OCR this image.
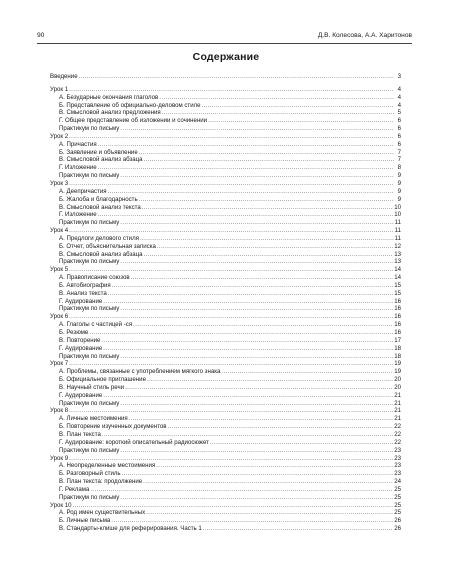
90	Д.В. Колесова, А.А. Харитонов
Содержание
Введение .....	3
Урок 1 .....	4
А. Безударные окончания глаголов .....	4
Б. Представление об официально-деловом стиле .....	4
В. Смысловой анализ предложения .....	5
Г. Общее представление об изложении и сочинении .....	6
Практикум по письму .....	6
Урок 2 .....	6
А. Причастия .....	6
Б. Заявление и объявление .....	7
В. Смысловой анализ абзаца .....	7
Г. Изложение .....	8
Практикум по письму .....	9
Урок 3 .....	9
А. Деепричастия .....	9
Б. Жалоба и благодарность .....	9
В. Смысловой анализ текста .....	10
Г. Изложение .....	10
Практикум по письму .....	11
Урок 4 .....	11
А. Предлоги делового стиля .....	11
Б. Отчет, объяснительная записка .....	12
В. Смысловой анализ абзаца .....	13
Практикум по письму .....	13
Урок 5 .....	14
А. Правописание союзов .....	14
Б. Автобиография .....	15
В. Анализ текста .....	15
Г. Аудирование .....	16
Практикум по письму .....	16
Урок 6 .....	16
А. Глаголы с частицей -ся .....	16
Б. Резюме .....	16
В. Повторение .....	17
Г. Аудирование .....	18
Практикум по письму .....	18
Урок 7 .....	19
А. Проблемы, связанные с употреблением мягкого знака .....	19
Б. Официальное приглашение .....	20
В. Научный стиль речи .....	20
Г. Аудирование .....	21
Практикум по письму .....	21
Урок 8 .....	21
А. Личные местоимения .....	21
Б. Повторение изученных документов .....	22
В. План текста .....	22
Г. Аудирование: короткий описательный радиосюжет .....	22
Практикум по письму .....	23
Урок 9 .....	23
А. Неопределенные местоимения .....	23
Б. Разговорный стиль .....	23
В. План текста: продолжение .....	24
Г. Реклама .....	25
Практикум по письму .....	25
Урок 10 .....	25
А. Род имен существительных .....	25
Б. Личные письма .....	26
В. Стандарты-клише для реферирования. Часть 1 .....	26
